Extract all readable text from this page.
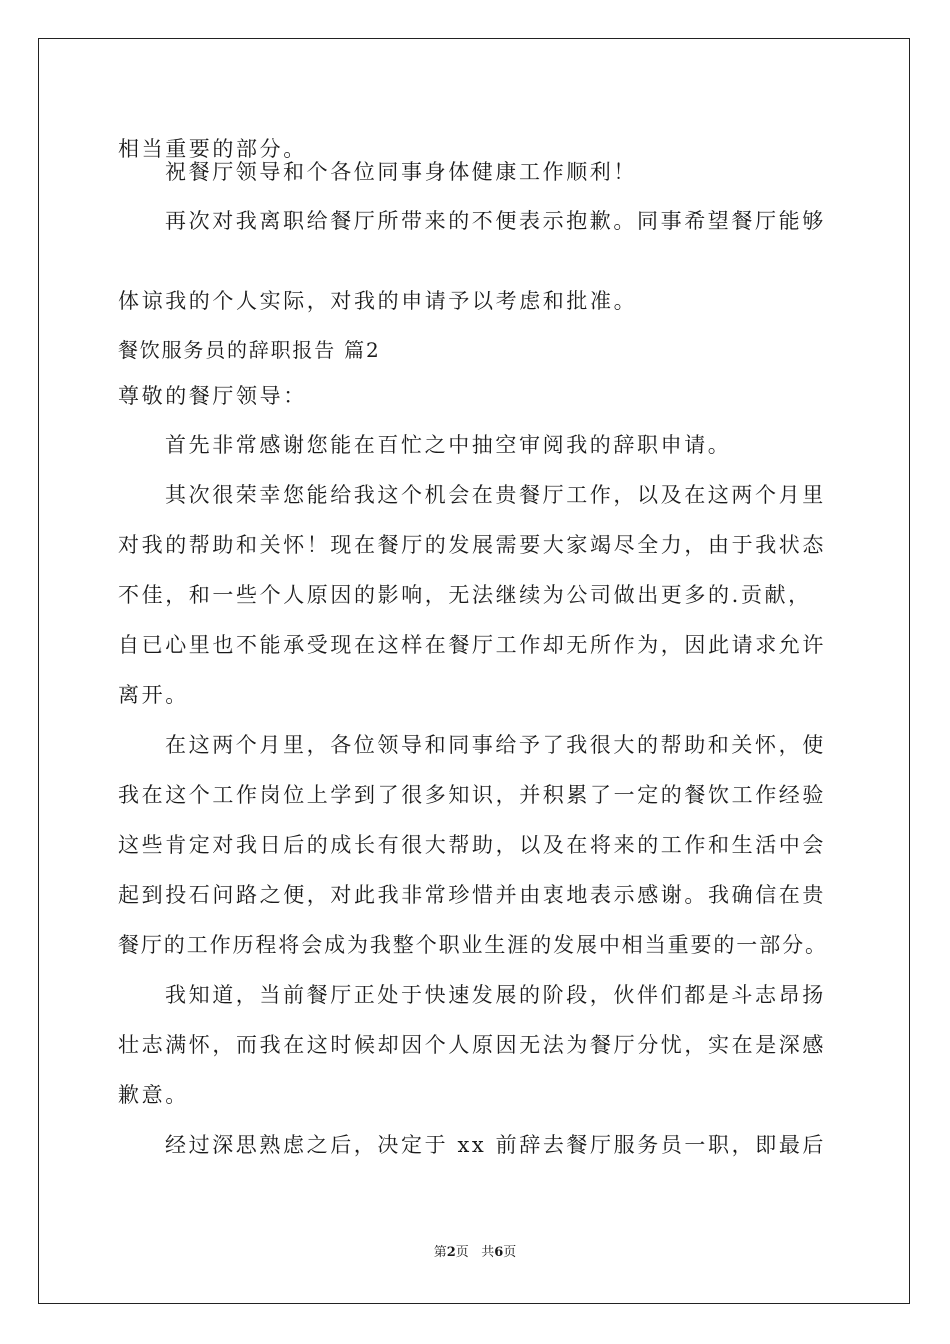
相当重要的部分。
祝餐厅领导和个各位同事身体健康工作顺利！
再次对我离职给餐厅所带来的不便表示抱歉。同事希望餐厅能够
体谅我的个人实际，对我的申请予以考虑和批准。
餐饮服务员的辞职报告 篇2
尊敬的餐厅领导：
首先非常感谢您能在百忙之中抽空审阅我的辞职申请。
其次很荣幸您能给我这个机会在贵餐厅工作，以及在这两个月里
对我的帮助和关怀！现在餐厅的发展需要大家竭尽全力，由于我状态
不佳，和一些个人原因的影响，无法继续为公司做出更多的.贡献，
自已心里也不能承受现在这样在餐厅工作却无所作为，因此请求允许
离开。
在这两个月里，各位领导和同事给予了我很大的帮助和关怀，使
我在这个工作岗位上学到了很多知识，并积累了一定的餐饮工作经验
这些肯定对我日后的成长有很大帮助，以及在将来的工作和生活中会
起到投石问路之便，对此我非常珍惜并由衷地表示感谢。我确信在贵
餐厅的工作历程将会成为我整个职业生涯的发展中相当重要的一部分。
我知道，当前餐厅正处于快速发展的阶段，伙伴们都是斗志昂扬
壮志满怀，而我在这时候却因个人原因无法为餐厅分忧，实在是深感
歉意。
经过深思熟虑之后，决定于 xx 前辞去餐厅服务员一职，即最后
第2页 共6页
